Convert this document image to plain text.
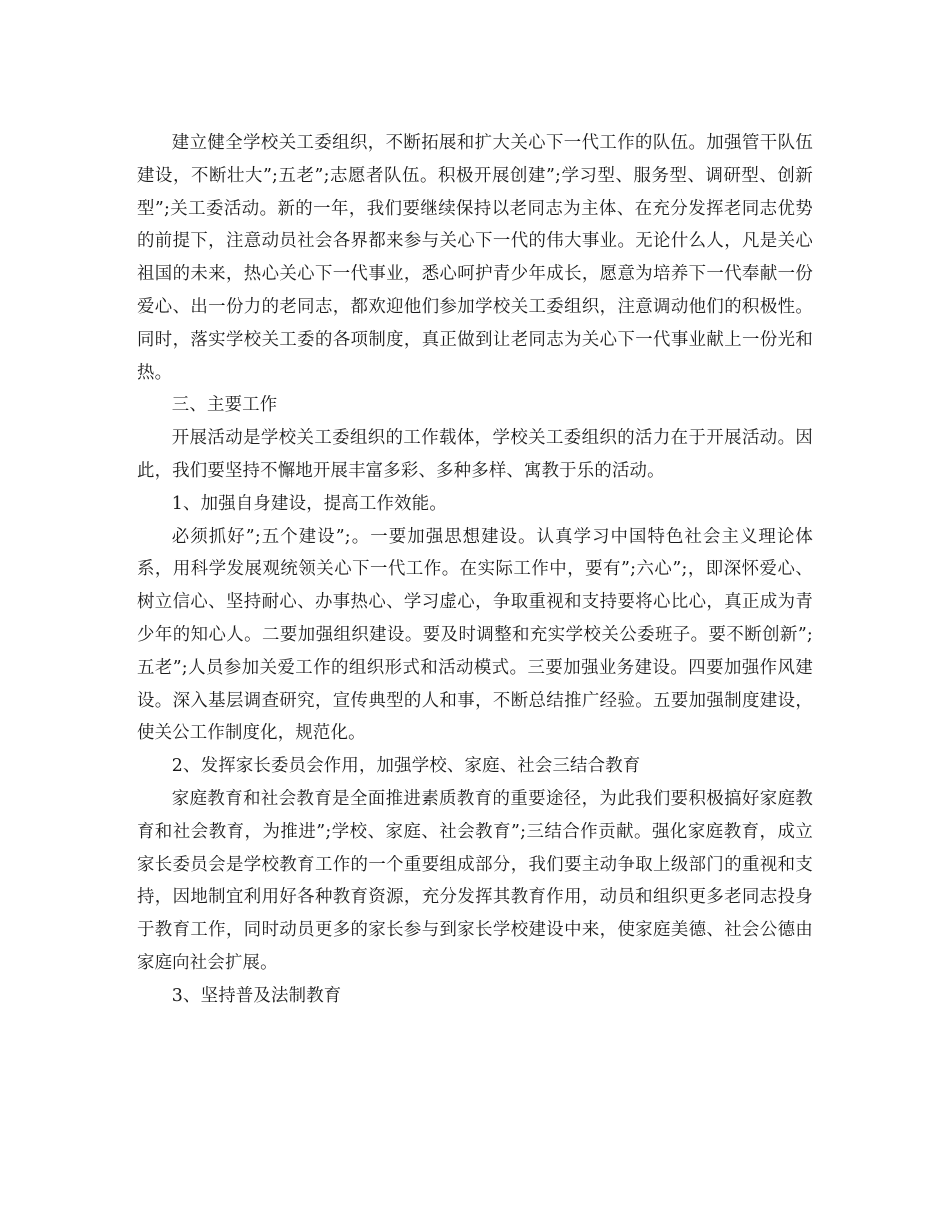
建立健全学校关工委组织，不断拓展和扩大关心下一代工作的队伍。加强管干队伍建设，不断壮大”;五老”;志愿者队伍。积极开展创建”;学习型、服务型、调研型、创新型”;关工委活动。新的一年，我们要继续保持以老同志为主体、在充分发挥老同志优势的前提下，注意动员社会各界都来参与关心下一代的伟大事业。无论什么人，凡是关心祖国的未来，热心关心下一代事业，悉心呵护青少年成长，愿意为培养下一代奉献一份爱心、出一份力的老同志，都欢迎他们参加学校关工委组织，注意调动他们的积极性。同时，落实学校关工委的各项制度，真正做到让老同志为关心下一代事业献上一份光和热。

三、主要工作

开展活动是学校关工委组织的工作载体，学校关工委组织的活力在于开展活动。因此，我们要坚持不懈地开展丰富多彩、多种多样、寓教于乐的活动。

1、加强自身建设，提高工作效能。

必须抓好”;五个建设”;。一要加强思想建设。认真学习中国特色社会主义理论体系，用科学发展观统领关心下一代工作。在实际工作中，要有”;六心”;，即深怀爱心、树立信心、坚持耐心、办事热心、学习虚心，争取重视和支持要将心比心，真正成为青少年的知心人。二要加强组织建设。要及时调整和充实学校关公委班子。要不断创新”;五老”;人员参加关爱工作的组织形式和活动模式。三要加强业务建设。四要加强作风建设。深入基层调查研究，宣传典型的人和事，不断总结推广经验。五要加强制度建设，使关公工作制度化，规范化。

2、发挥家长委员会作用，加强学校、家庭、社会三结合教育

家庭教育和社会教育是全面推进素质教育的重要途径，为此我们要积极搞好家庭教育和社会教育，为推进”;学校、家庭、社会教育”;三结合作贡献。强化家庭教育，成立家长委员会是学校教育工作的一个重要组成部分，我们要主动争取上级部门的重视和支持，因地制宜利用好各种教育资源，充分发挥其教育作用，动员和组织更多老同志投身于教育工作，同时动员更多的家长参与到家长学校建设中来，使家庭美德、社会公德由家庭向社会扩展。

3、坚持普及法制教育
